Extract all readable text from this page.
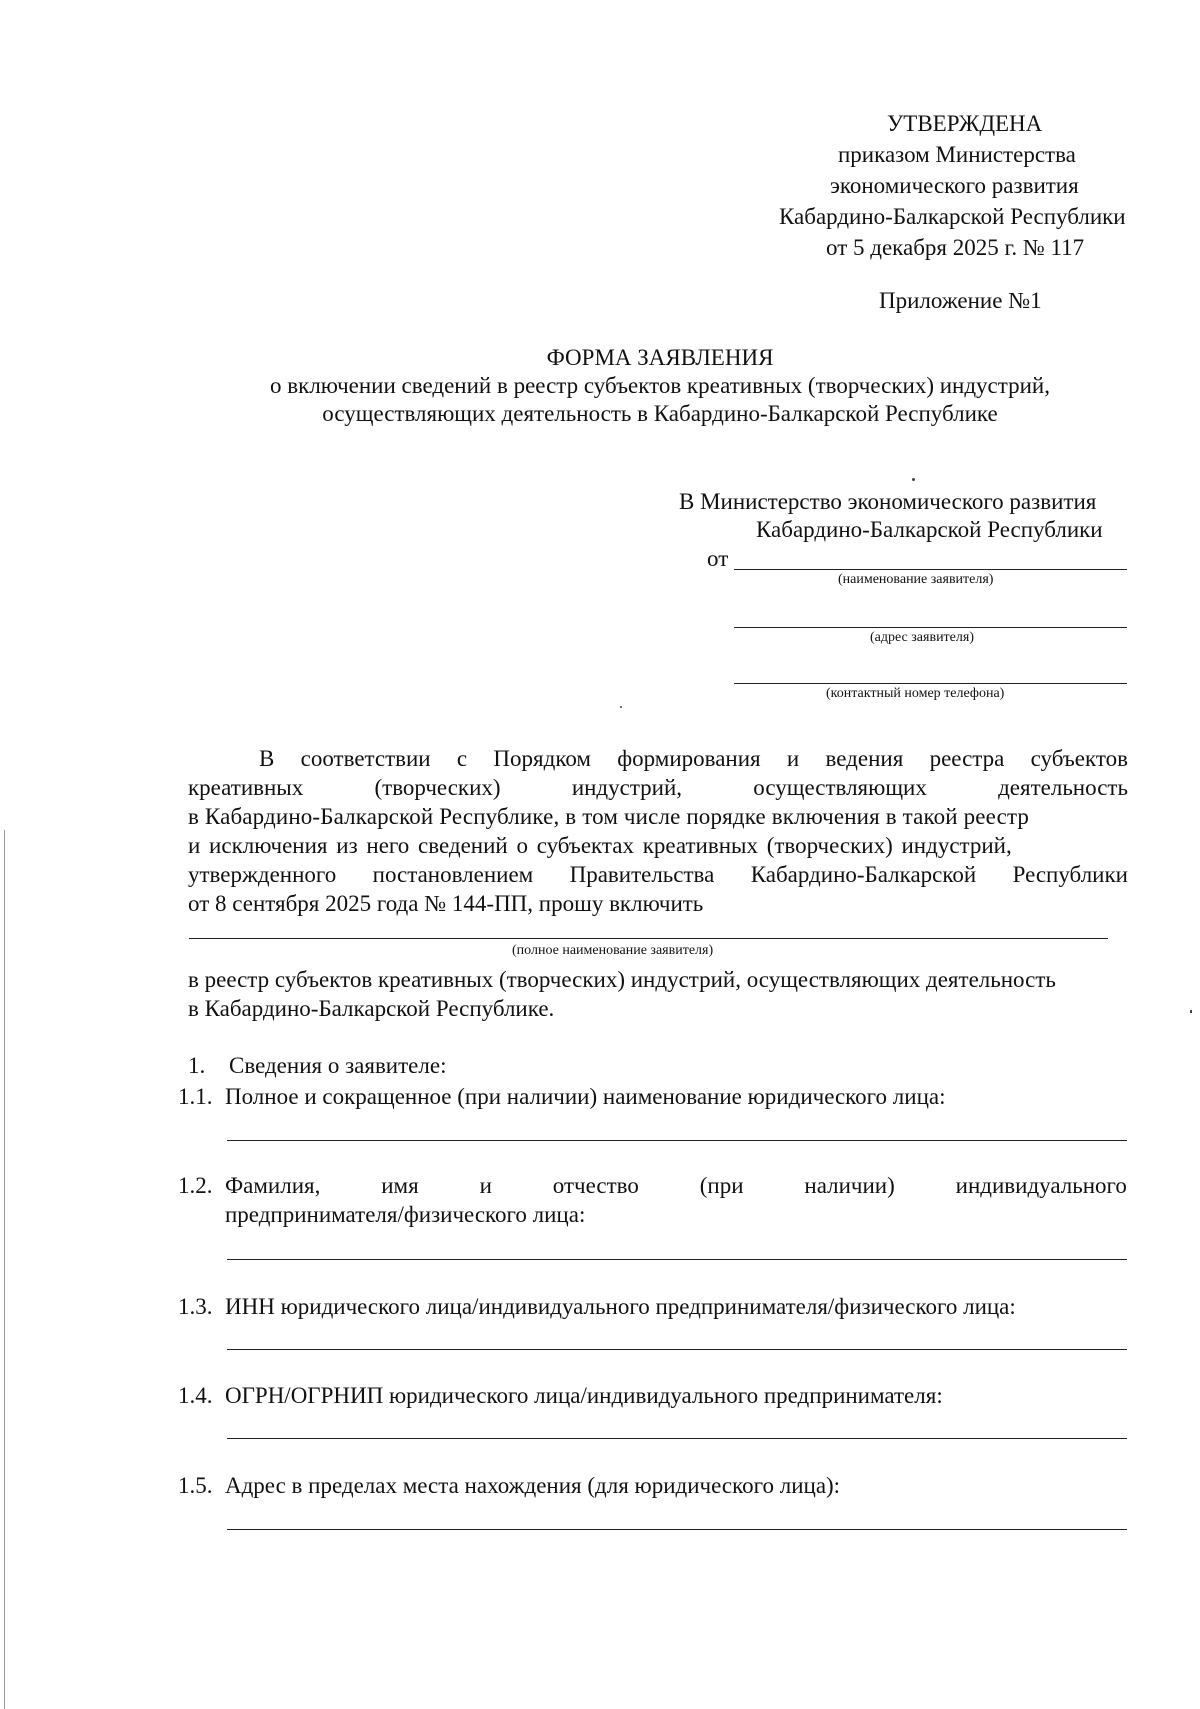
УТВЕРЖДЕНА
приказом Министерства
экономического развития
Кабардино-Балкарской Республики
от 5 декабря 2025 г. № 117
Приложение №1
ФОРМА ЗАЯВЛЕНИЯ
о включении сведений в реестр субъектов креативных (творческих) индустрий,
осуществляющих деятельность в Кабардино-Балкарской Республике
В Министерство экономического развития
Кабардино-Балкарской Республики
от
(наименование заявителя)
(адрес заявителя)
(контактный номер телефона)
В соответствии с Порядком формирования и ведения реестра субъектов
креативных	(творческих)	индустрий,	осуществляющих	деятельность
в Кабардино-Балкарской Республике, в том числе порядке включения в такой реестр
и исключения из него сведений о субъектах креативных (творческих) индустрий,
утвержденного постановлением Правительства Кабардино-Балкарской Республики
от 8 сентября 2025 года № 144-ПП, прошу включить
(полное наименование заявителя)
в реестр субъектов креативных (творческих) индустрий, осуществляющих деятельность
в Кабардино-Балкарской Республике.
1. Сведения о заявителе:
1.1. Полное и сокращенное (при наличии) наименование юридического лица:
1.2. Фамилия,	имя	и	отчество	(при	наличии)	индивидуального
предпринимателя/физического лица:
1.3. ИНН юридического лица/индивидуального предпринимателя/физического лица:
1.4. ОГРН/ОГРНИП юридического лица/индивидуального предпринимателя:
1.5. Адрес в пределах места нахождения (для юридического лица):
